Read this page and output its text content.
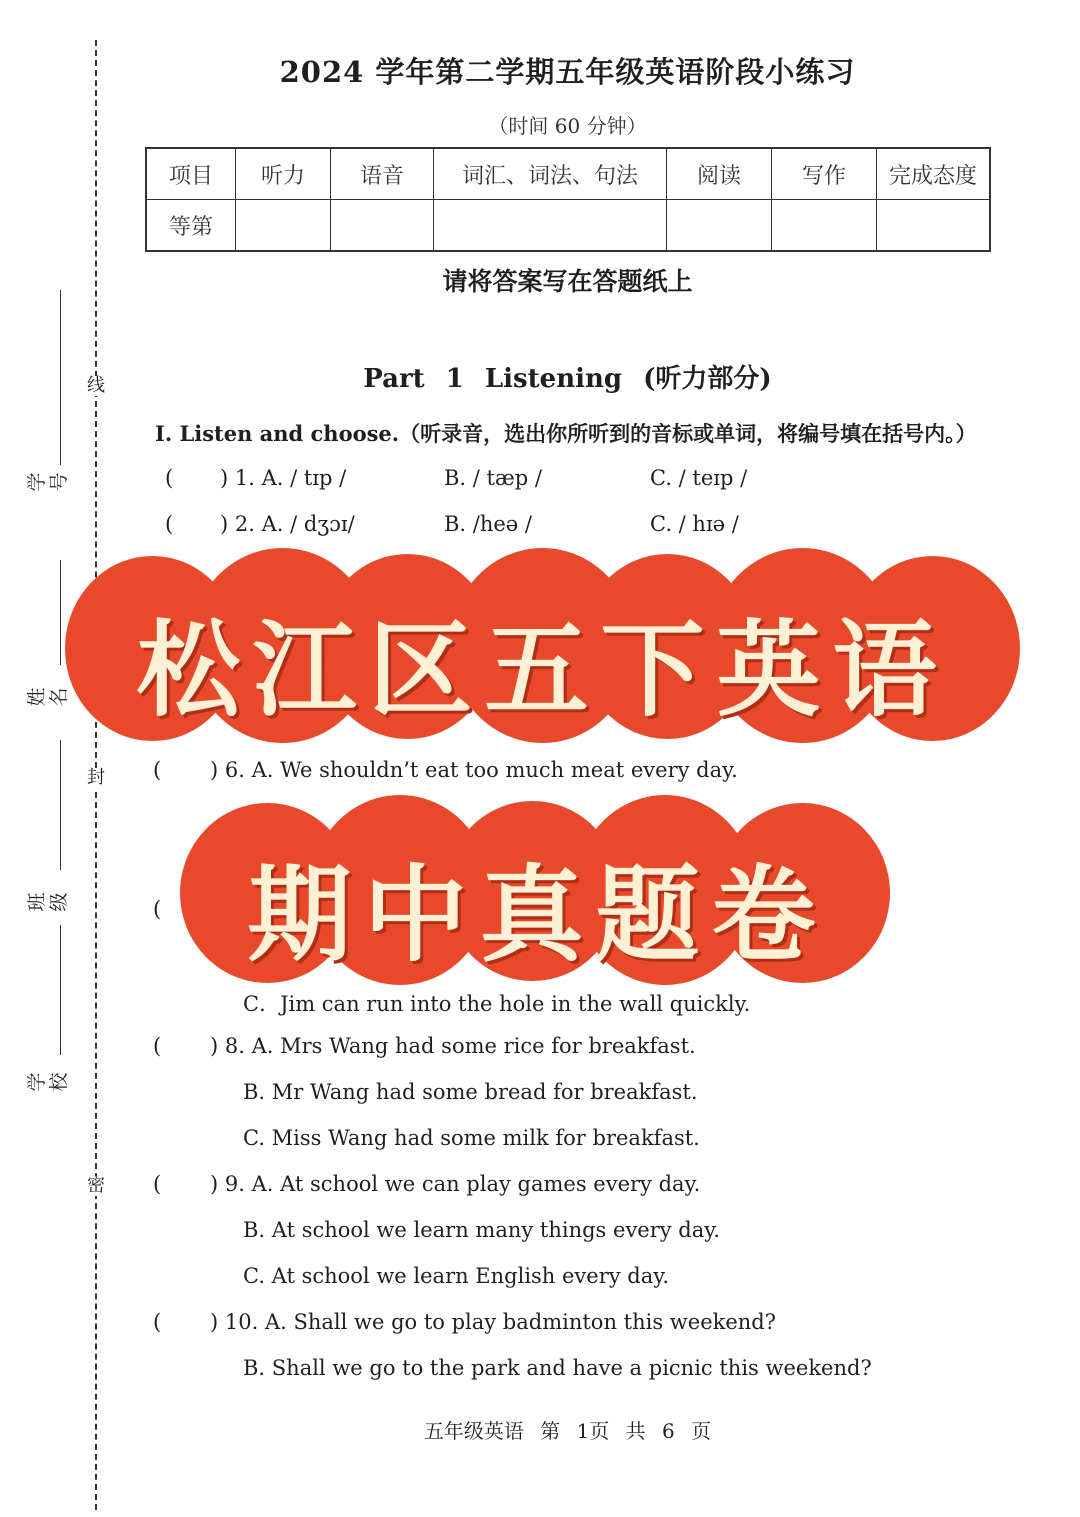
线
封
密
学号
姓名
班级
学校
2024 学年第二学期五年级英语阶段小练习
（时间 60 分钟）
项目	听力	语音	词汇、词法、句法	阅读	写作	完成态度
等第						
请将答案写在答题纸上
Part 1 Listening (听力部分)
I. Listen and choose.（听录音，选出你所听到的音标或单词，将编号填在括号内。）
( ) 1. A. / tɪp /	B. / tæp /	C. / teɪp /
( ) 2. A. / dʒɔɪ/	B. /heə /	C. / hɪə /
( ) 6. A. We shouldn’t eat too much meat every day.
(
C．Jim can run into the hole in the wall quickly.
( ) 8. A. Mrs Wang had some rice for breakfast.
B. Mr Wang had some bread for breakfast.
C. Miss Wang had some milk for breakfast.
( ) 9. A. At school we can play games every day.
B. At school we learn many things every day.
C. At school we learn English every day.
( ) 10. A. Shall we go to play badminton this weekend?
B. Shall we go to the park and have a picnic this weekend?
松江区五下英语
期中真题卷
五年级英语 第 1页 共 6 页
